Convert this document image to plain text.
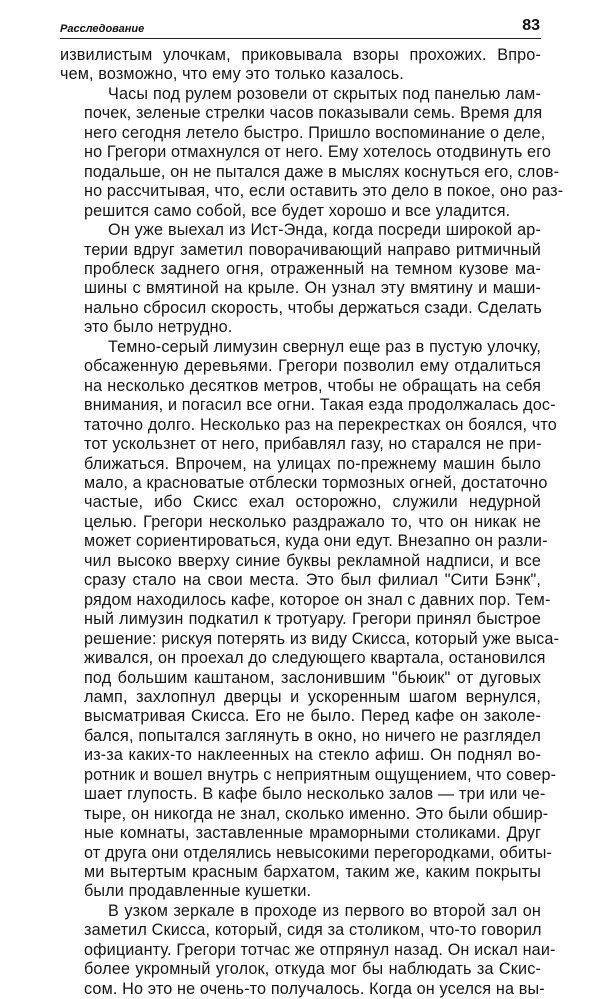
Расследование	83
извилистым улочкам, приковывала взоры прохожих. Впро-
чем, возможно, что ему это только казалось.
Часы под рулем розовели от скрытых под панелью лам-
почек, зеленые стрелки часов показывали семь. Время для
него сегодня летело быстро. Пришло воспоминание о деле,
но Грегори отмахнулся от него. Ему хотелось отодвинуть его
подальше, он не пытался даже в мыслях коснуться его, слов-
но рассчитывая, что, если оставить это дело в покое, оно раз-
решится само собой, все будет хорошо и все уладится.
Он уже выехал из Ист-Энда, когда посреди широкой ар-
терии вдруг заметил поворачивающий направо ритмичный
проблеск заднего огня, отраженный на темном кузове ма-
шины с вмятиной на крыле. Он узнал эту вмятину и маши-
нально сбросил скорость, чтобы держаться сзади. Сделать
это было нетрудно.
Темно-серый лимузин свернул еще раз в пустую улочку,
обсаженную деревьями. Грегори позволил ему отдалиться
на несколько десятков метров, чтобы не обращать на себя
внимания, и погасил все огни. Такая езда продолжалась дос-
таточно долго. Несколько раз на перекрестках он боялся, что
тот ускользнет от него, прибавлял газу, но старался не при-
ближаться. Впрочем, на улицах по-прежнему машин было
мало, а красноватые отблески тормозных огней, достаточно
частые, ибо Скисс ехал осторожно, служили недурной
целью. Грегори несколько раздражало то, что он никак не
может сориентироваться, куда они едут. Внезапно он разли-
чил высоко вверху синие буквы рекламной надписи, и все
сразу стало на свои места. Это был филиал "Сити Бэнк",
рядом находилось кафе, которое он знал с давних пор. Тем-
ный лимузин подкатил к тротуару. Грегори принял быстрое
решение: рискуя потерять из виду Скисса, который уже выса-
живался, он проехал до следующего квартала, остановился
под большим каштаном, заслонившим "бьюик" от дуговых
ламп, захлопнул дверцы и ускоренным шагом вернулся,
высматривая Скисса. Его не было. Перед кафе он заколе-
бался, попытался заглянуть в окно, но ничего не разглядел
из-за каких-то наклеенных на стекло афиш. Он поднял во-
ротник и вошел внутрь с неприятным ощущением, что совер-
шает глупость. В кафе было несколько залов — три или че-
тыре, он никогда не знал, сколько именно. Это были обшир-
ные комнаты, заставленные мраморными столиками. Друг
от друга они отделялись невысокими перегородками, обиты-
ми вытертым красным бархатом, таким же, каким покрыты
были продавленные кушетки.
В узком зеркале в проходе из первого во второй зал он
заметил Скисса, который, сидя за столиком, что-то говорил
официанту. Грегори тотчас же отпрянул назад. Он искал наи-
более укромный уголок, откуда мог бы наблюдать за Скис-
сом. Но это не очень-то получалось. Когда он уселся на вы-
